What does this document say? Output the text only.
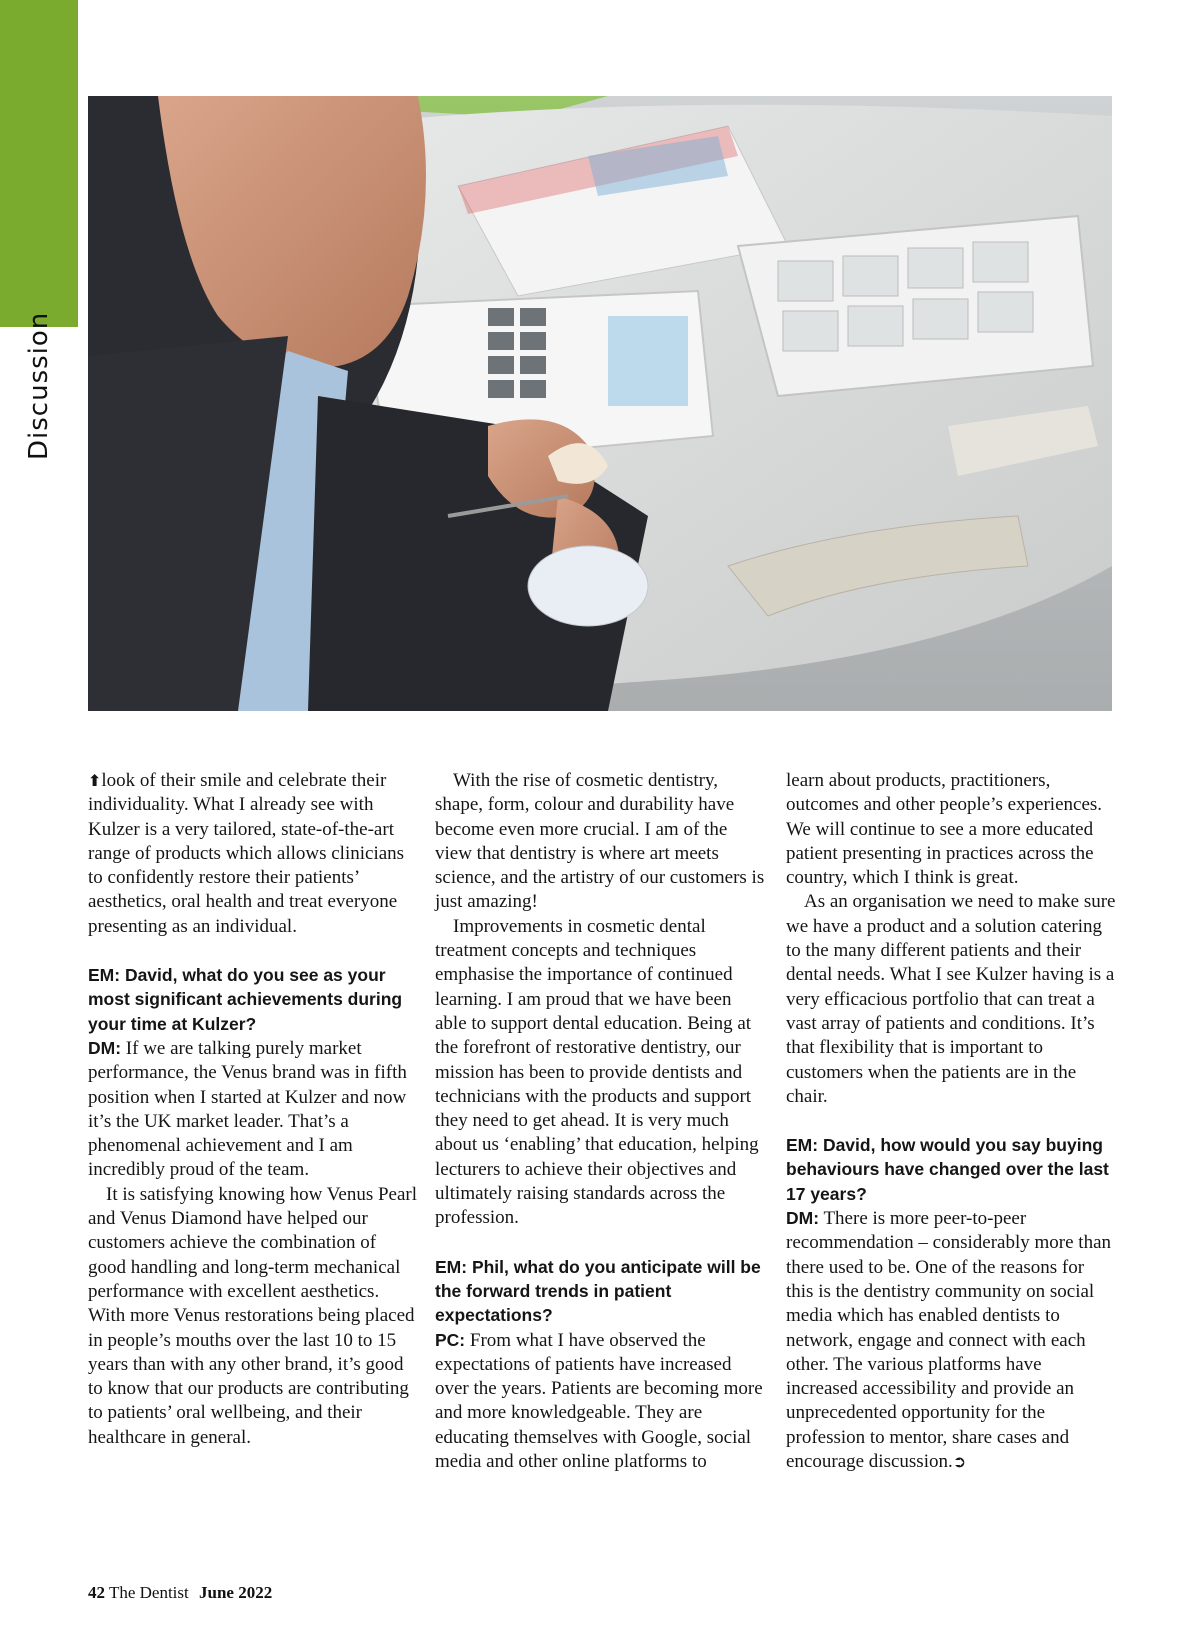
Discussion

⬆look of their smile and celebrate their individuality. What I already see with Kulzer is a very tailored, state-of-the-art range of products which allows clinicians to confidently restore their patients’ aesthetics, oral health and treat everyone presenting as an individual.

EM: David, what do you see as your most significant achievements during your time at Kulzer?

DM: If we are talking purely market performance, the Venus brand was in fifth position when I started at Kulzer and now it’s the UK market leader. That’s a phenomenal achievement and I am incredibly proud of the team.

It is satisfying knowing how Venus Pearl and Venus Diamond have helped our customers achieve the combination of good handling and long-term mechanical performance with excellent aesthetics. With more Venus restorations being placed in people’s mouths over the last 10 to 15 years than with any other brand, it’s good to know that our products are contributing to patients’ oral wellbeing, and their healthcare in general.

With the rise of cosmetic dentistry, shape, form, colour and durability have become even more crucial. I am of the view that dentistry is where art meets science, and the artistry of our customers is just amazing!

Improvements in cosmetic dental treatment concepts and techniques emphasise the importance of continued learning. I am proud that we have been able to support dental education. Being at the forefront of restorative dentistry, our mission has been to provide dentists and technicians with the products and support they need to get ahead. It is very much about us ‘enabling’ that education, helping lecturers to achieve their objectives and ultimately raising standards across the profession.

EM: Phil, what do you anticipate will be the forward trends in patient expectations?

PC: From what I have observed the expectations of patients have increased over the years. Patients are becoming more and more knowledgeable. They are educating themselves with Google, social media and other online platforms to

learn about products, practitioners, outcomes and other people’s experiences. We will continue to see a more educated patient presenting in practices across the country, which I think is great.

As an organisation we need to make sure we have a product and a solution catering to the many different patients and their dental needs. What I see Kulzer having is a very efficacious portfolio that can treat a vast array of patients and conditions. It’s that flexibility that is important to customers when the patients are in the chair.

EM: David, how would you say buying behaviours have changed over the last 17 years?

DM: There is more peer-to-peer recommendation – considerably more than there used to be. One of the reasons for this is the dentistry community on social media which has enabled dentists to network, engage and connect with each other. The various platforms have increased accessibility and provide an unprecedented opportunity for the profession to mentor, share cases and encourage discussion.➲

42 The Dentist June 2022
